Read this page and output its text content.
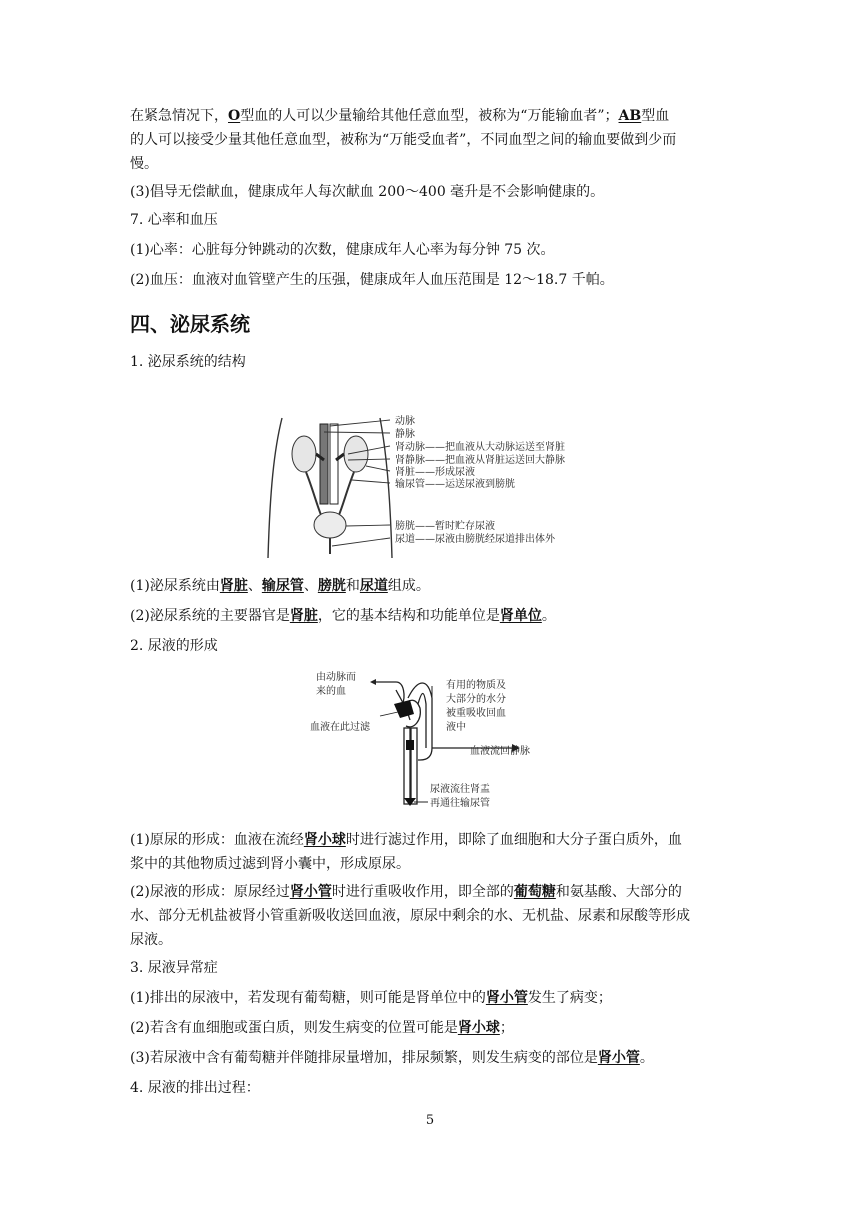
在紧急情况下，O型血的人可以少量输给其他任意血型，被称为“万能输血者”；AB型血
的人可以接受少量其他任意血型，被称为“万能受血者”，不同血型之间的输血要做到少而
慢。
(3)倡导无偿献血，健康成年人每次献血 200～400 毫升是不会影响健康的。
7. 心率和血压
(1)心率：心脏每分钟跳动的次数，健康成年人心率为每分钟 75 次。
(2)血压：血液对血管壁产生的压强，健康成年人血压范围是 12～18.7 千帕。
四、泌尿系统
1. 泌尿系统的结构
动脉
静脉
肾动脉——把血液从大动脉运送至肾脏
肾静脉——把血液从肾脏运送回大静脉
肾脏——形成尿液
输尿管——运送尿液到膀胱
膀胱——暂时贮存尿液
尿道——尿液由膀胱经尿道排出体外
(1)泌尿系统由肾脏、输尿管、膀胱和尿道组成。
(2)泌尿系统的主要器官是肾脏，它的基本结构和功能单位是肾单位。
2. 尿液的形成
由动脉而
来的血
血液在此过滤
有用的物质及
大部分的水分
被重吸收回血
液中
血液流回静脉
尿液流往肾盂
再通往输尿管
(1)原尿的形成：血液在流经肾小球时进行滤过作用，即除了血细胞和大分子蛋白质外，血
浆中的其他物质过滤到肾小囊中，形成原尿。
(2)尿液的形成：原尿经过肾小管时进行重吸收作用，即全部的葡萄糖和氨基酸、大部分的
水、部分无机盐被肾小管重新吸收送回血液，原尿中剩余的水、无机盐、尿素和尿酸等形成
尿液。
3. 尿液异常症
(1)排出的尿液中，若发现有葡萄糖，则可能是肾单位中的肾小管发生了病变；
(2)若含有血细胞或蛋白质，则发生病变的位置可能是肾小球；
(3)若尿液中含有葡萄糖并伴随排尿量增加，排尿频繁，则发生病变的部位是肾小管。
4. 尿液的排出过程：
5
